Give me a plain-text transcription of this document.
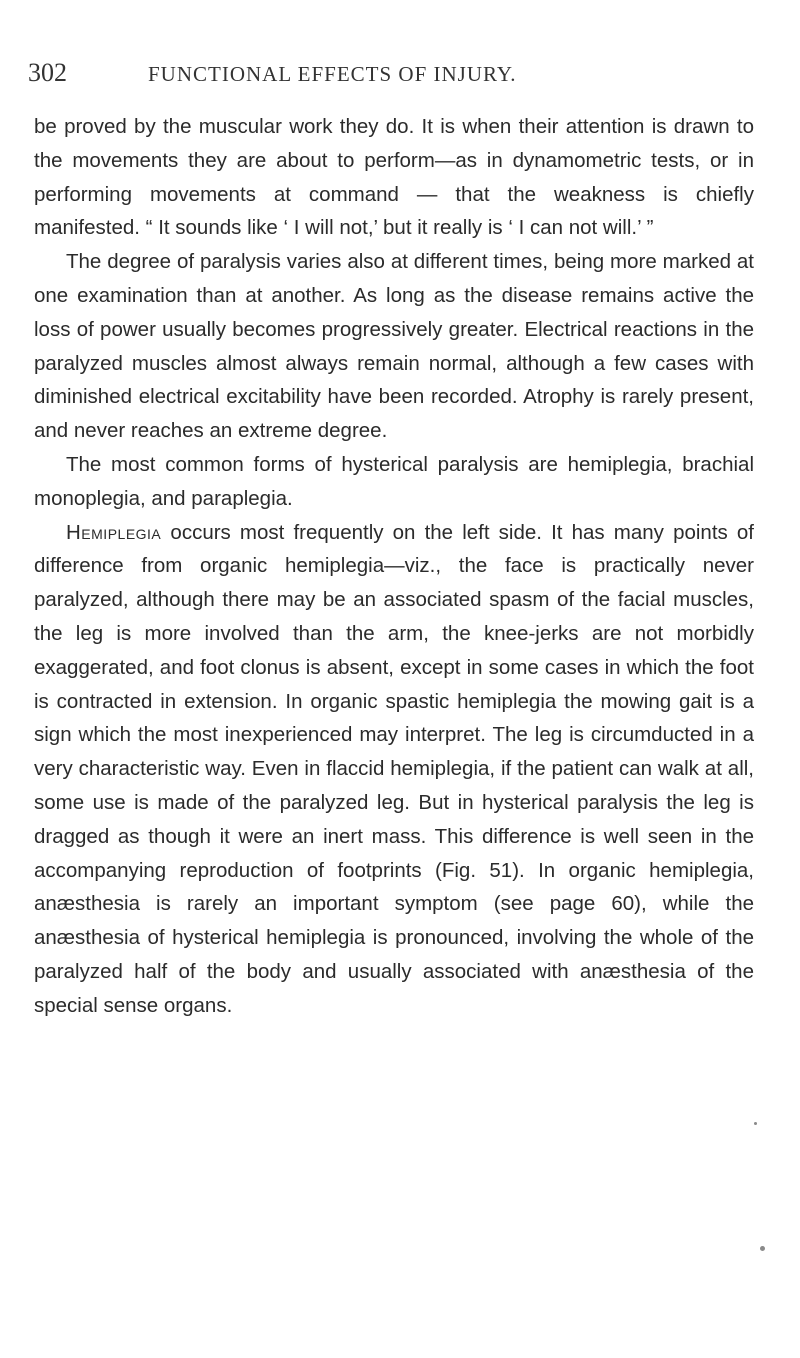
302	FUNCTIONAL EFFECTS OF INJURY.

be proved by the muscular work they do. It is when their attention is drawn to the movements they are about to perform—as in dynamometric tests, or in performing movements at command — that the weakness is chiefly manifested. “ It sounds like ‘ I will not,’ but it really is ‘ I can not will.’ ”

The degree of paralysis varies also at different times, being more marked at one examination than at another. As long as the disease remains active the loss of power usually becomes progressively greater. Electrical reactions in the paralyzed muscles almost always remain normal, although a few cases with diminished electrical excitability have been recorded. Atrophy is rarely present, and never reaches an extreme degree.

The most common forms of hysterical paralysis are hemiplegia, brachial monoplegia, and paraplegia.

Hemiplegia occurs most frequently on the left side. It has many points of difference from organic hemiplegia—viz., the face is practically never paralyzed, although there may be an associated spasm of the facial muscles, the leg is more involved than the arm, the knee-jerks are not morbidly exaggerated, and foot clonus is absent, except in some cases in which the foot is contracted in extension. In organic spastic hemiplegia the mowing gait is a sign which the most inexperienced may interpret. The leg is circumducted in a very characteristic way. Even in flaccid hemiplegia, if the patient can walk at all, some use is made of the paralyzed leg. But in hysterical paralysis the leg is dragged as though it were an inert mass. This difference is well seen in the accompanying reproduction of footprints (Fig. 51). In organic hemiplegia, anæsthesia is rarely an important symptom (see page 60), while the anæsthesia of hysterical hemiplegia is pronounced, involving the whole of the paralyzed half of the body and usually associated with anæsthesia of the special sense organs.
